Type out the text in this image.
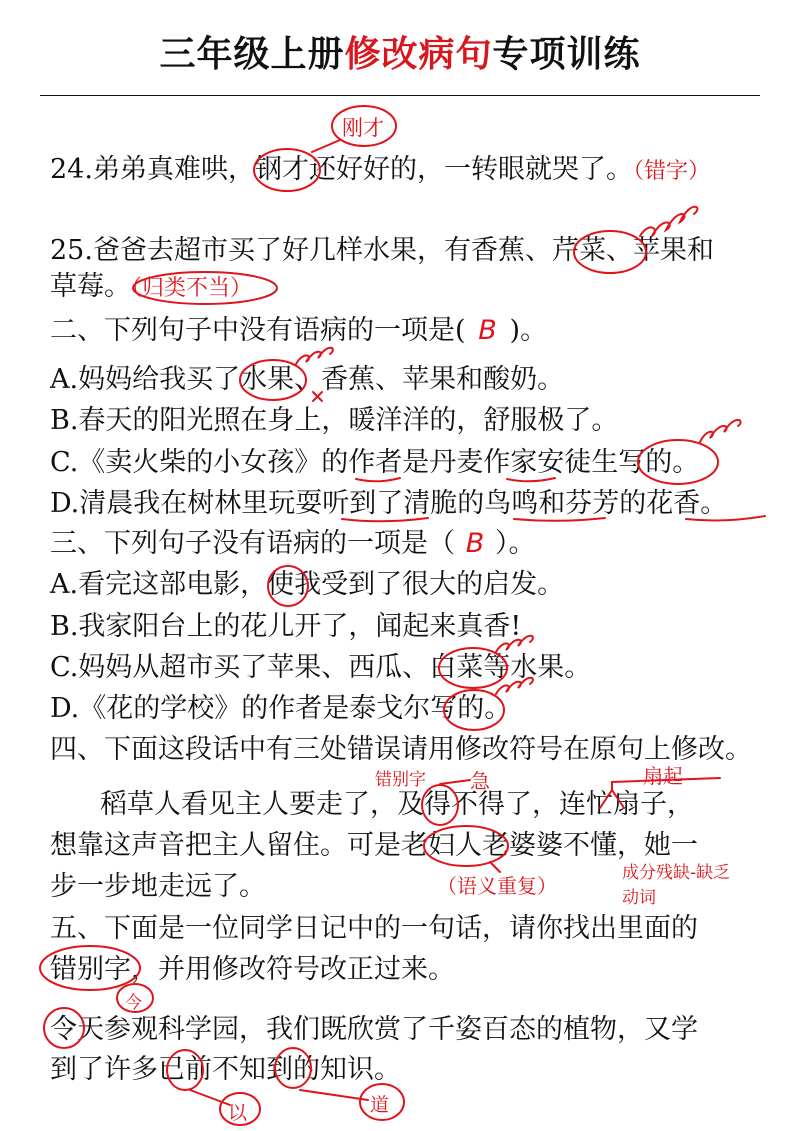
三年级上册修改病句专项训练
24.弟弟真难哄，钢才还好好的，一转眼就哭了。（错字）
25.爸爸去超市买了好几样水果，有香蕉、芹菜、苹果和
草莓。（归类不当）
二、下列句子中没有语病的一项是( B )。
A.妈妈给我买了水果、香蕉、苹果和酸奶。
B.春天的阳光照在身上，暖洋洋的，舒服极了。
C.《卖火柴的小女孩》的作者是丹麦作家安徒生写的。
D.清晨我在树林里玩耍听到了清脆的鸟鸣和芬芳的花香。
三、下列句子没有语病的一项是（ B ）。
A.看完这部电影，使我受到了很大的启发。
B.我家阳台上的花儿开了，闻起来真香!
C.妈妈从超市买了苹果、西瓜、白菜等水果。
D.《花的学校》的作者是泰戈尔写的。
四、下面这段话中有三处错误请用修改符号在原句上修改。
稻草人看见主人要走了，及得不得了，连忙扇子，
想靠这声音把主人留住。可是老妇人老婆婆不懂，她一
步一步地走远了。
五、下面是一位同学日记中的一句话，请你找出里面的
错别字，并用修改符号改正过来。
令天参观科学园，我们既欣赏了千姿百态的植物，又学
到了许多已前不知到的知识。
刚才
错别字 急	扇起
（语义重复）
成分残缺-缺乏
动词
今
以	道
